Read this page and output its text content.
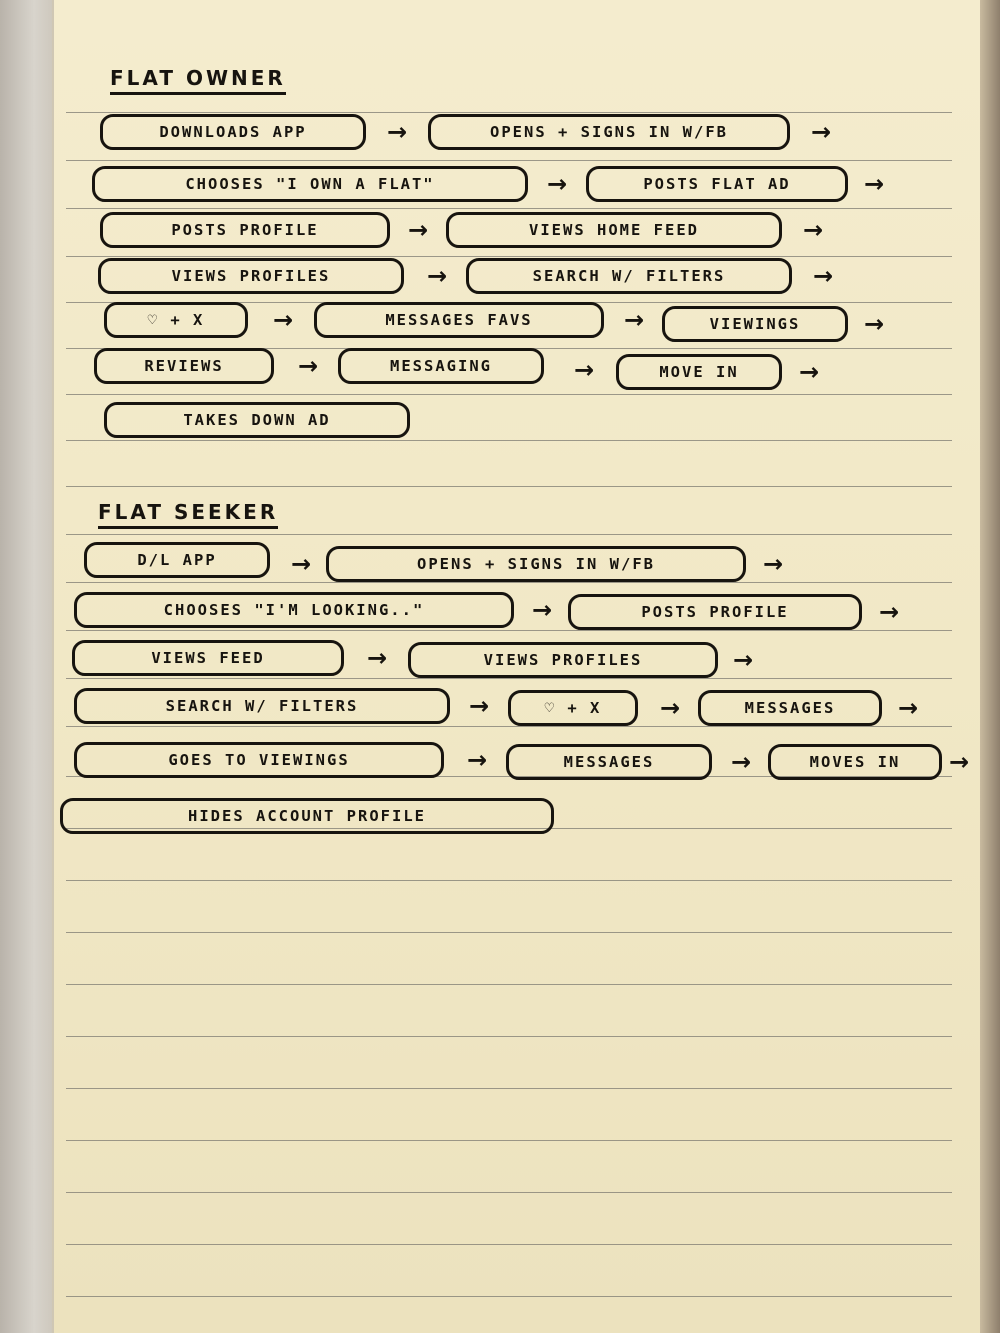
FLAT OWNER
DOWNLOADS APP	→	OPENS + SIGNS IN W/FB	→
CHOOSES "I OWN A FLAT"	→	POSTS FLAT AD	→
POSTS PROFILE	→	VIEWS HOME FEED	→
VIEWS PROFILES	→	SEARCH W/ FILTERS	→
♡ + X	→	MESSAGES FAVS	→	VIEWINGS	→
REVIEWS	→	MESSAGING	→	MOVE IN	→
TAKES DOWN AD
FLAT SEEKER
D/L APP	→	OPENS + SIGNS IN W/FB	→
CHOOSES "I'M LOOKING.."	→	POSTS PROFILE	→
VIEWS FEED	→	VIEWS PROFILES	→
SEARCH W/ FILTERS	→	♡ + X	→	MESSAGES	→
GOES TO VIEWINGS	→	MESSAGES	→	MOVES IN	→
HIDES ACCOUNT PROFILE
